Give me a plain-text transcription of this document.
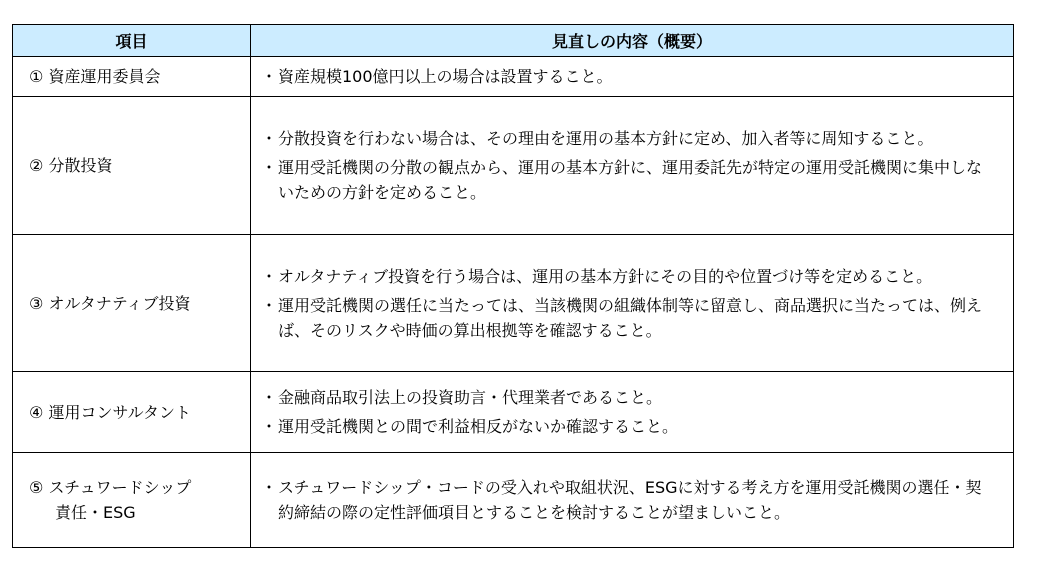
項目	見直しの内容（概要）
① 資産運用委員会	・資産規模100億円以上の場合は設置すること。

② 分散投資	・分散投資を行わない場合は、その理由を運用の基本方針に定め、加入者等に周知すること。
・運用受託機関の分散の観点から、運用の基本方針に、運用委託先が特定の運用受託機関に集中しないための方針を定めること。

③ オルタナティブ投資	・オルタナティブ投資を行う場合は、運用の基本方針にその目的や位置づけ等を定めること。
・運用受託機関の選任に当たっては、当該機関の組織体制等に留意し、商品選択に当たっては、例えば、そのリスクや時価の算出根拠等を確認すること。

④ 運用コンサルタント	・金融商品取引法上の投資助言・代理業者であること。
・運用受託機関との間で利益相反がないか確認すること。

⑤ スチュワードシップ
責任・ESG	・スチュワードシップ・コードの受入れや取組状況、ESGに対する考え方を運用受託機関の選任・契約締結の際の定性評価項目とすることを検討することが望ましいこと。
